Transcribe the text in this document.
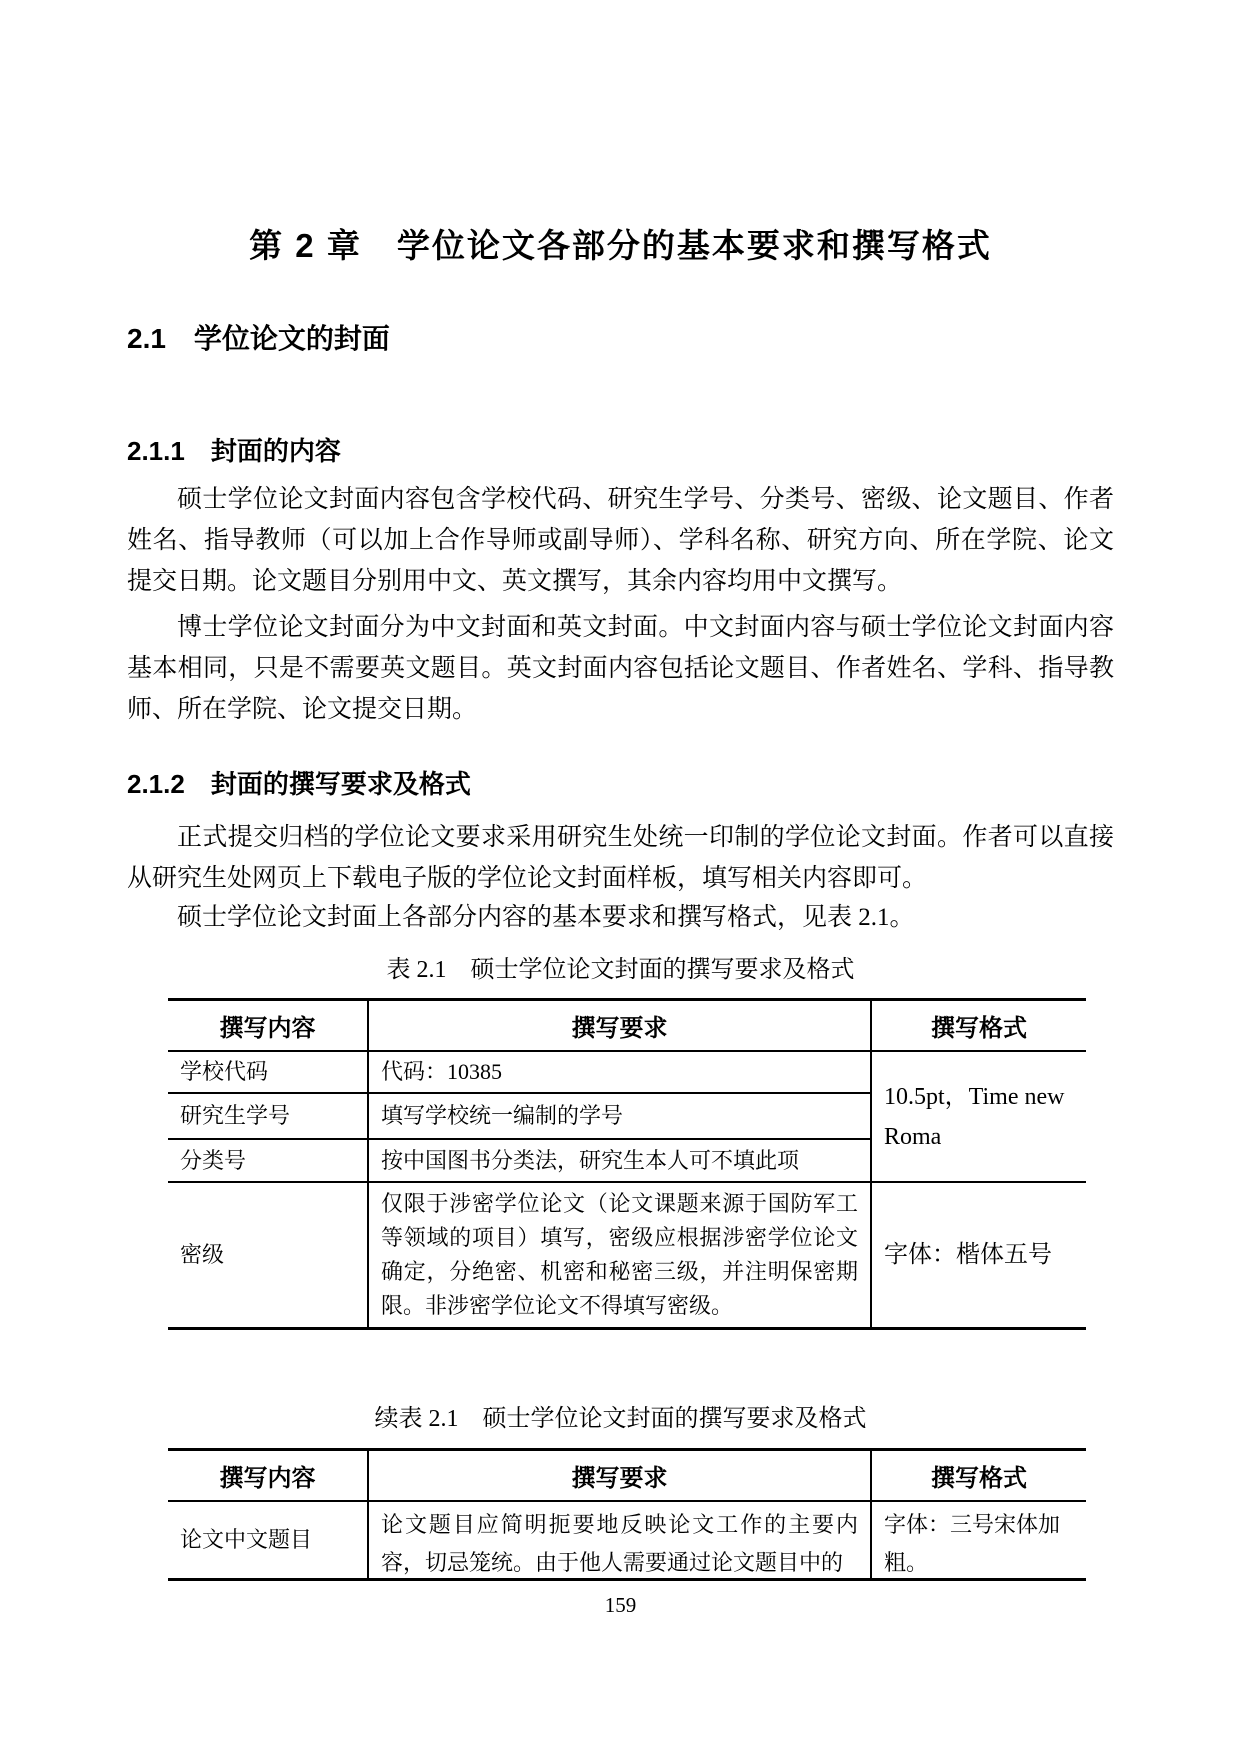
第 2 章　学位论文各部分的基本要求和撰写格式
2.1　学位论文的封面
2.1.1　封面的内容
硕士学位论文封面内容包含学校代码、研究生学号、分类号、密级、论文题目、作者姓名、指导教师（可以加上合作导师或副导师）、学科名称、研究方向、所在学院、论文提交日期。论文题目分别用中文、英文撰写，其余内容均用中文撰写。
博士学位论文封面分为中文封面和英文封面。中文封面内容与硕士学位论文封面内容基本相同，只是不需要英文题目。英文封面内容包括论文题目、作者姓名、学科、指导教师、所在学院、论文提交日期。
2.1.2　封面的撰写要求及格式
正式提交归档的学位论文要求采用研究生处统一印制的学位论文封面。作者可以直接从研究生处网页上下载电子版的学位论文封面样板，填写相关内容即可。
硕士学位论文封面上各部分内容的基本要求和撰写格式，见表 2.1。
表 2.1　硕士学位论文封面的撰写要求及格式
撰写内容	撰写要求	撰写格式
学校代码	代码：10385	10.5pt，Time new Roma
研究生学号	填写学校统一编制的学号	
分类号	按中国图书分类法，研究生本人可不填此项	
密级	仅限于涉密学位论文（论文课题来源于国防军工等领域的项目）填写，密级应根据涉密学位论文确定，分绝密、机密和秘密三级，并注明保密期限。非涉密学位论文不得填写密级。	字体：楷体五号
续表 2.1　硕士学位论文封面的撰写要求及格式
撰写内容	撰写要求	撰写格式
论文中文题目	论文题目应简明扼要地反映论文工作的主要内容，切忌笼统。由于他人需要通过论文题目中的	字体：三号宋体加粗。
159
